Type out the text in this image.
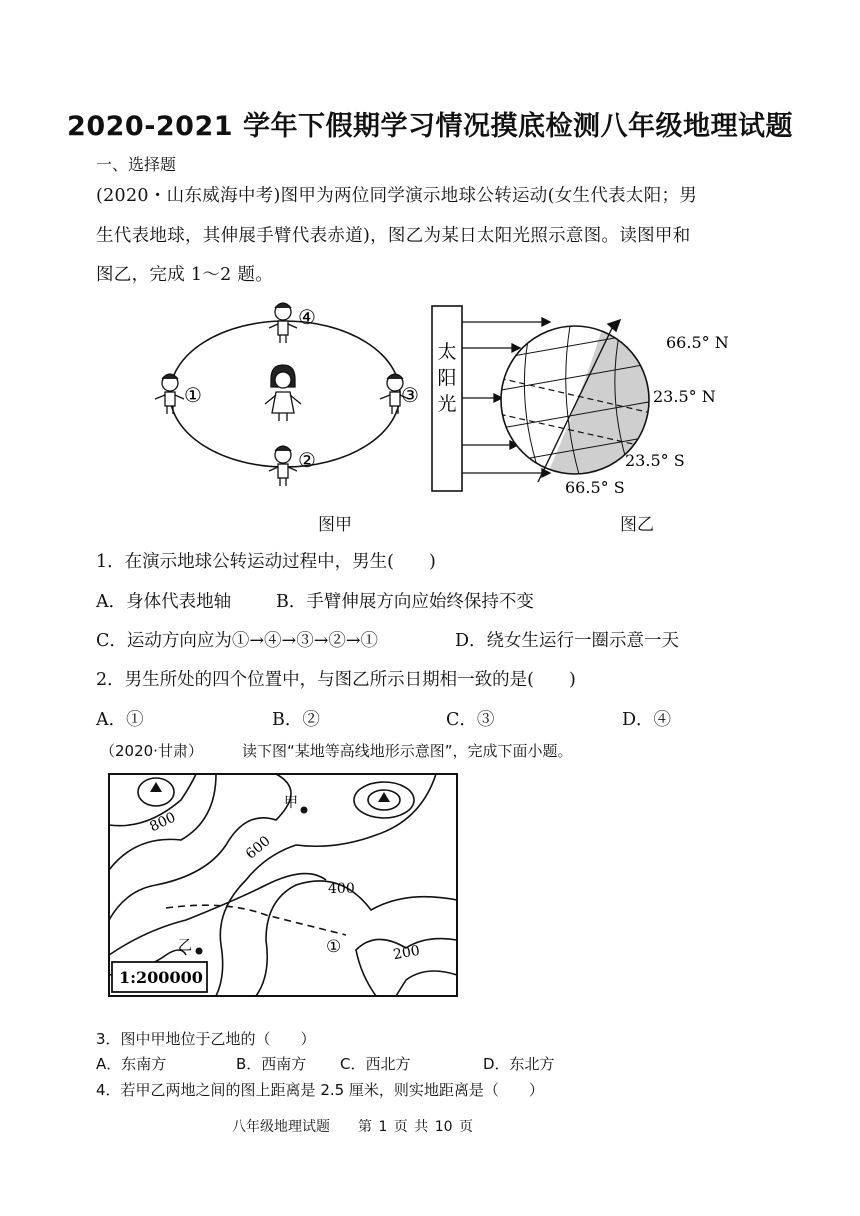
2020-2021 学年下假期学习情况摸底检测八年级地理试题
一、选择题
(2020・山东威海中考)图甲为两位同学演示地球公转运动(女生代表太阳；男
生代表地球，其伸展手臂代表赤道)，图乙为某日太阳光照示意图。读图甲和
图乙，完成 1～2 题。
④
②
①	③
太
阳
光
66.5° N
23.5° N
23.5° S
66.5° S
图甲	图乙
1．在演示地球公转运动过程中，男生(　　)
A．身体代表地轴	B．手臂伸展方向应始终保持不变
C．运动方向应为①→④→③→②→①	D．绕女生运行一圈示意一天
2．男生所处的四个位置中，与图乙所示日期相一致的是(　　)
A．①	B．②	C．③	D．④
（2020·甘肃）	读下图“某地等高线地形示意图”，完成下面小题。
800
600
400
200
甲
乙	①
1:200000
3．图中甲地位于乙地的（　　）
A．东南方	B．西南方 C．西北方	D．东北方
4．若甲乙两地之间的图上距离是 2.5 厘米，则实地距离是（　　）
八年级地理试题　　第 1 页 共 10 页
